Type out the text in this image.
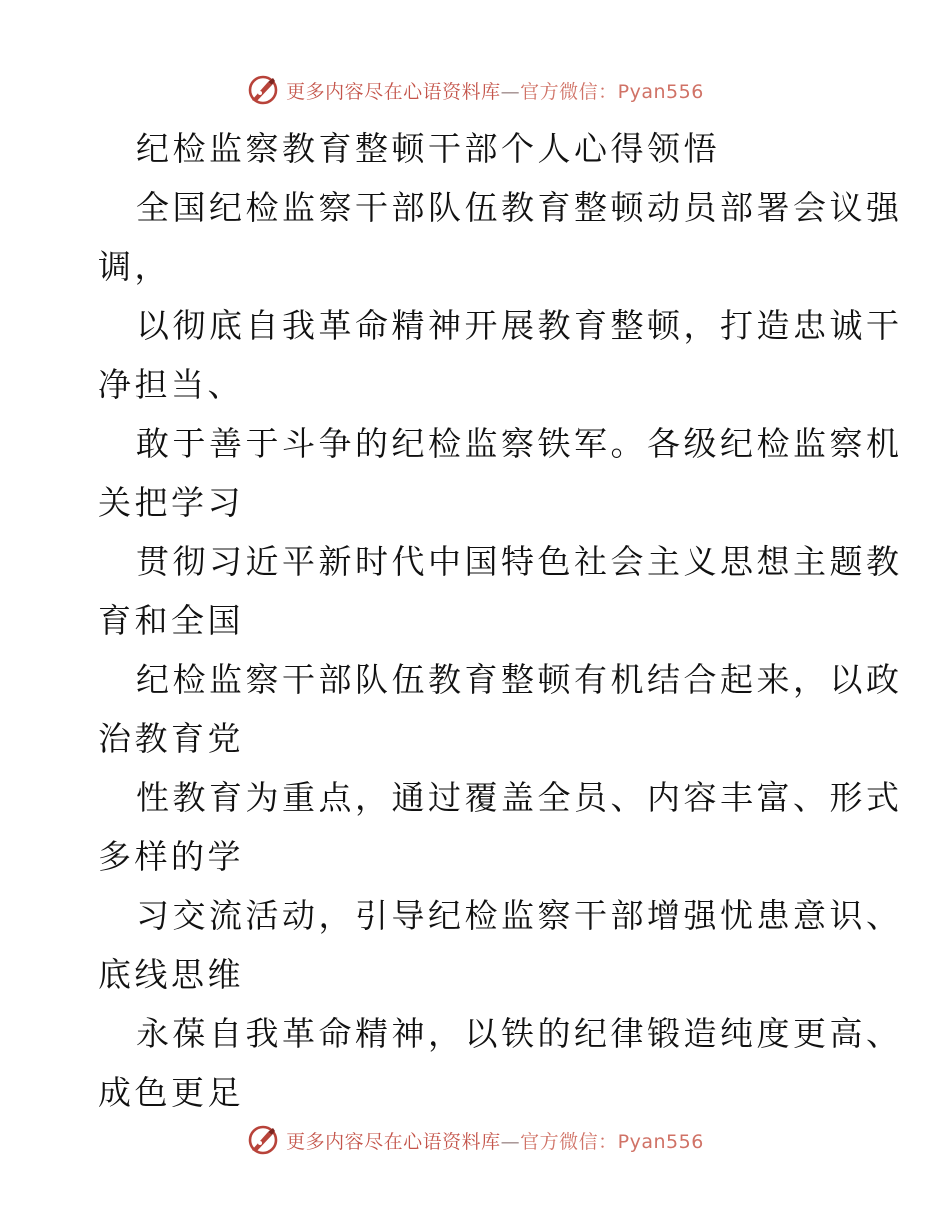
更多内容尽在心语资料库—官方微信：Pyan556
纪检监察教育整顿干部个人心得领悟
全国纪检监察干部队伍教育整顿动员部署会议强
调，
以彻底自我革命精神开展教育整顿，打造忠诚干
净担当、
敢于善于斗争的纪检监察铁军。各级纪检监察机
关把学习
贯彻习近平新时代中国特色社会主义思想主题教
育和全国
纪检监察干部队伍教育整顿有机结合起来，以政
治教育党
性教育为重点，通过覆盖全员、内容丰富、形式
多样的学
习交流活动，引导纪检监察干部增强忧患意识、
底线思维
永葆自我革命精神，以铁的纪律锻造纯度更高、
成色更足
更多内容尽在心语资料库—官方微信：Pyan556
